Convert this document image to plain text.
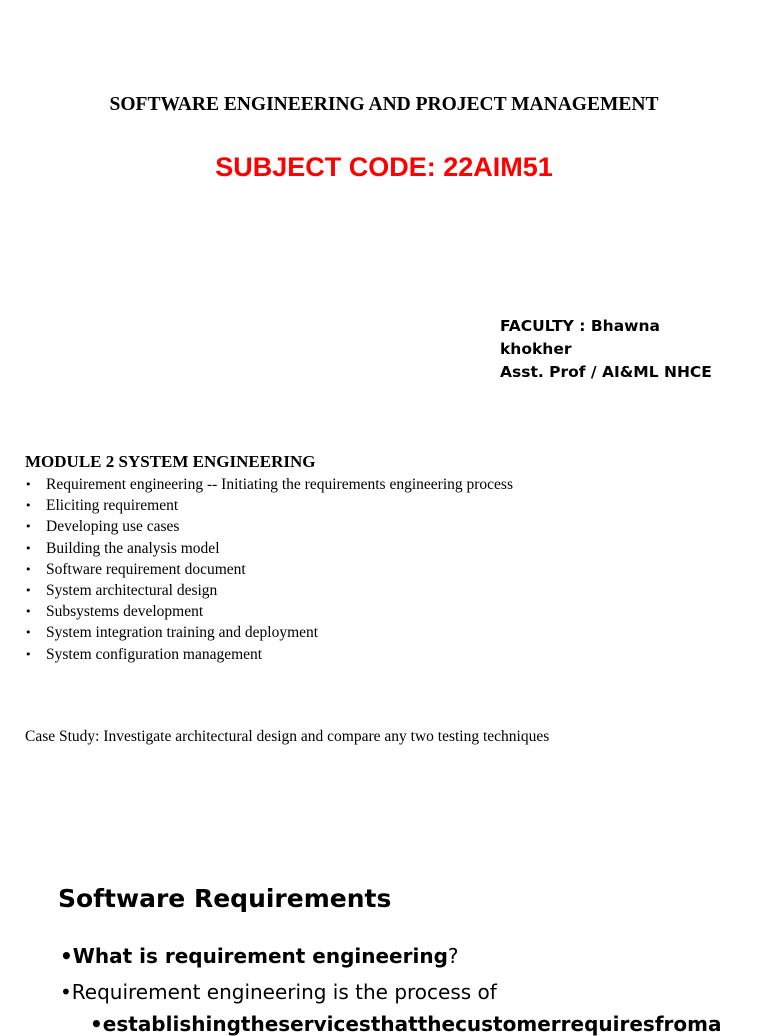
SOFTWARE ENGINEERING AND PROJECT MANAGEMENT
SUBJECT CODE: 22AIM51
FACULTY : Bhawna
khokher
Asst. Prof / AI&ML NHCE
MODULE 2 SYSTEM ENGINEERING
• Requirement engineering -- Initiating the requirements engineering process
• Eliciting requirement
• Developing use cases
• Building the analysis model
• Software requirement document
• System architectural design
• Subsystems development
• System integration training and deployment
• System configuration management
Case Study: Investigate architectural design and compare any two testing techniques
Software Requirements
•What is requirement engineering?
•Requirement engineering is the process of
•establishing the services that the customer requires from a
